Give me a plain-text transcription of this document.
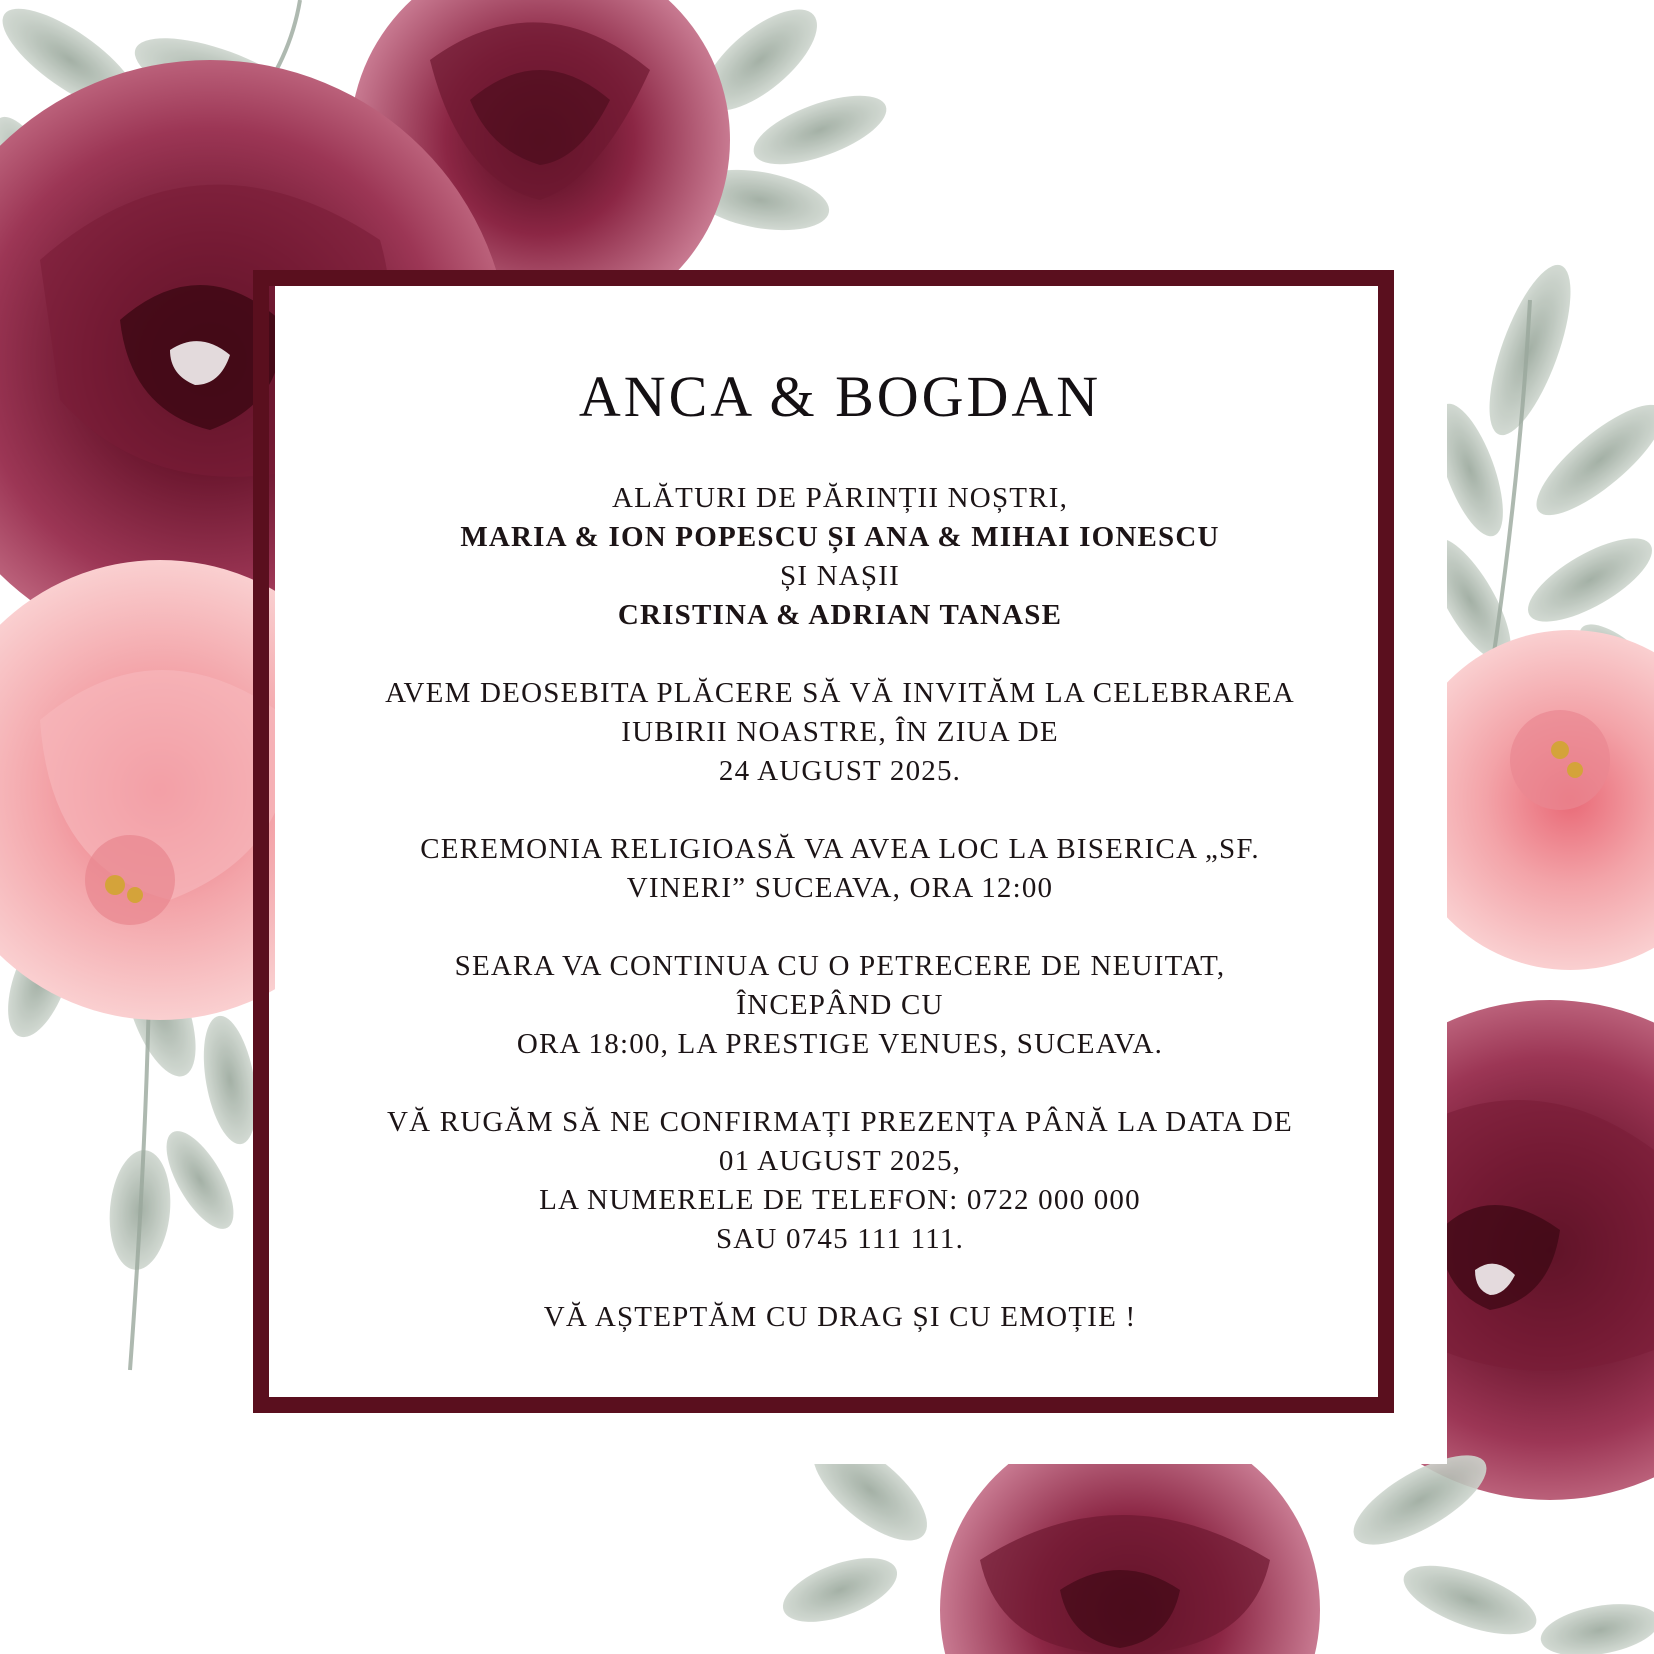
ANCA & BOGDAN

ALĂTURI DE PĂRINȚII NOȘTRI,

MARIA & ION POPESCU ȘI ANA & MIHAI IONESCU

ȘI NAȘII

CRISTINA & ADRIAN TANASE

AVEM DEOSEBITA PLĂCERE SĂ VĂ INVITĂM LA CELEBRAREA

IUBIRII NOASTRE, ÎN ZIUA DE

24 AUGUST 2025.

CEREMONIA RELIGIOASĂ VA AVEA LOC LA BISERICA „SF.

VINERI” SUCEAVA, ORA 12:00

SEARA VA CONTINUA CU O PETRECERE DE NEUITAT,

ÎNCEPÂND CU

ORA 18:00, LA PRESTIGE VENUES, SUCEAVA.

VĂ RUGĂM SĂ NE CONFIRMAȚI PREZENȚA PÂNĂ LA DATA DE

01 AUGUST 2025,

LA NUMERELE DE TELEFON: 0722 000 000

SAU 0745 111 111.

VĂ AȘTEPTĂM CU DRAG ȘI CU EMOȚIE !
